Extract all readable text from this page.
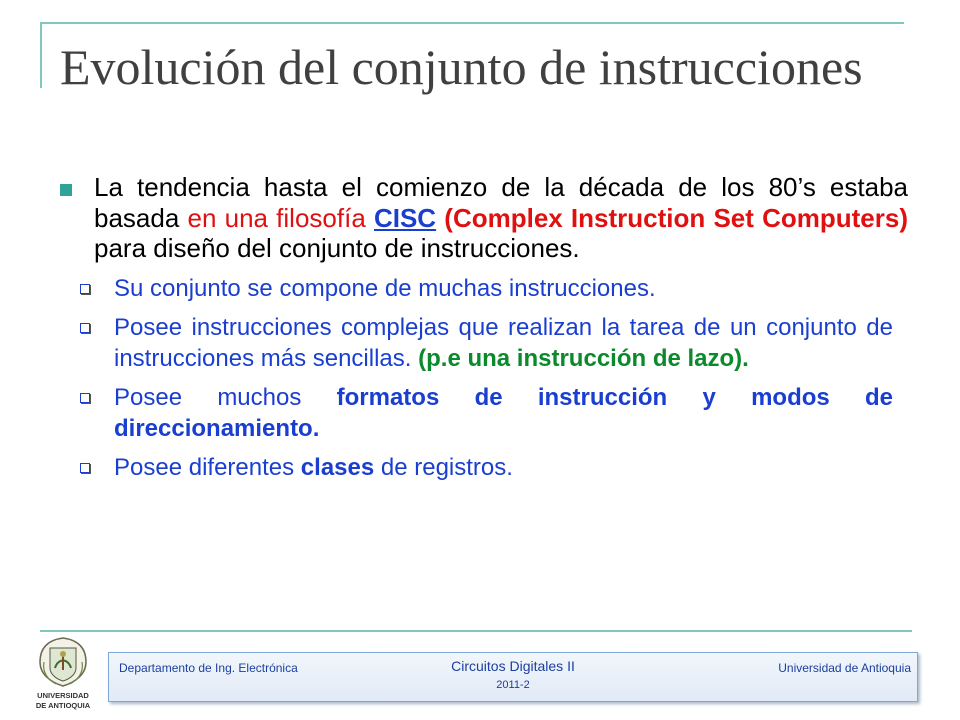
Evolución del conjunto de instrucciones
La tendencia hasta el comienzo de la década de los 80’s estaba basada en una filosofía CISC (Complex Instruction Set Computers) para diseño del conjunto de instrucciones.
Su conjunto se compone de muchas instrucciones.
Posee instrucciones complejas que realizan la tarea de un conjunto de instrucciones más sencillas. (p.e una instrucción de lazo).
Posee muchos formatos de instrucción y modos de direccionamiento.
Posee diferentes clases de registros.
UNIVERSIDAD
DE ANTIOQUIA
Departamento de Ing. Electrónica	Circuitos Digitales II
2011-2
Universidad de Antioquia
